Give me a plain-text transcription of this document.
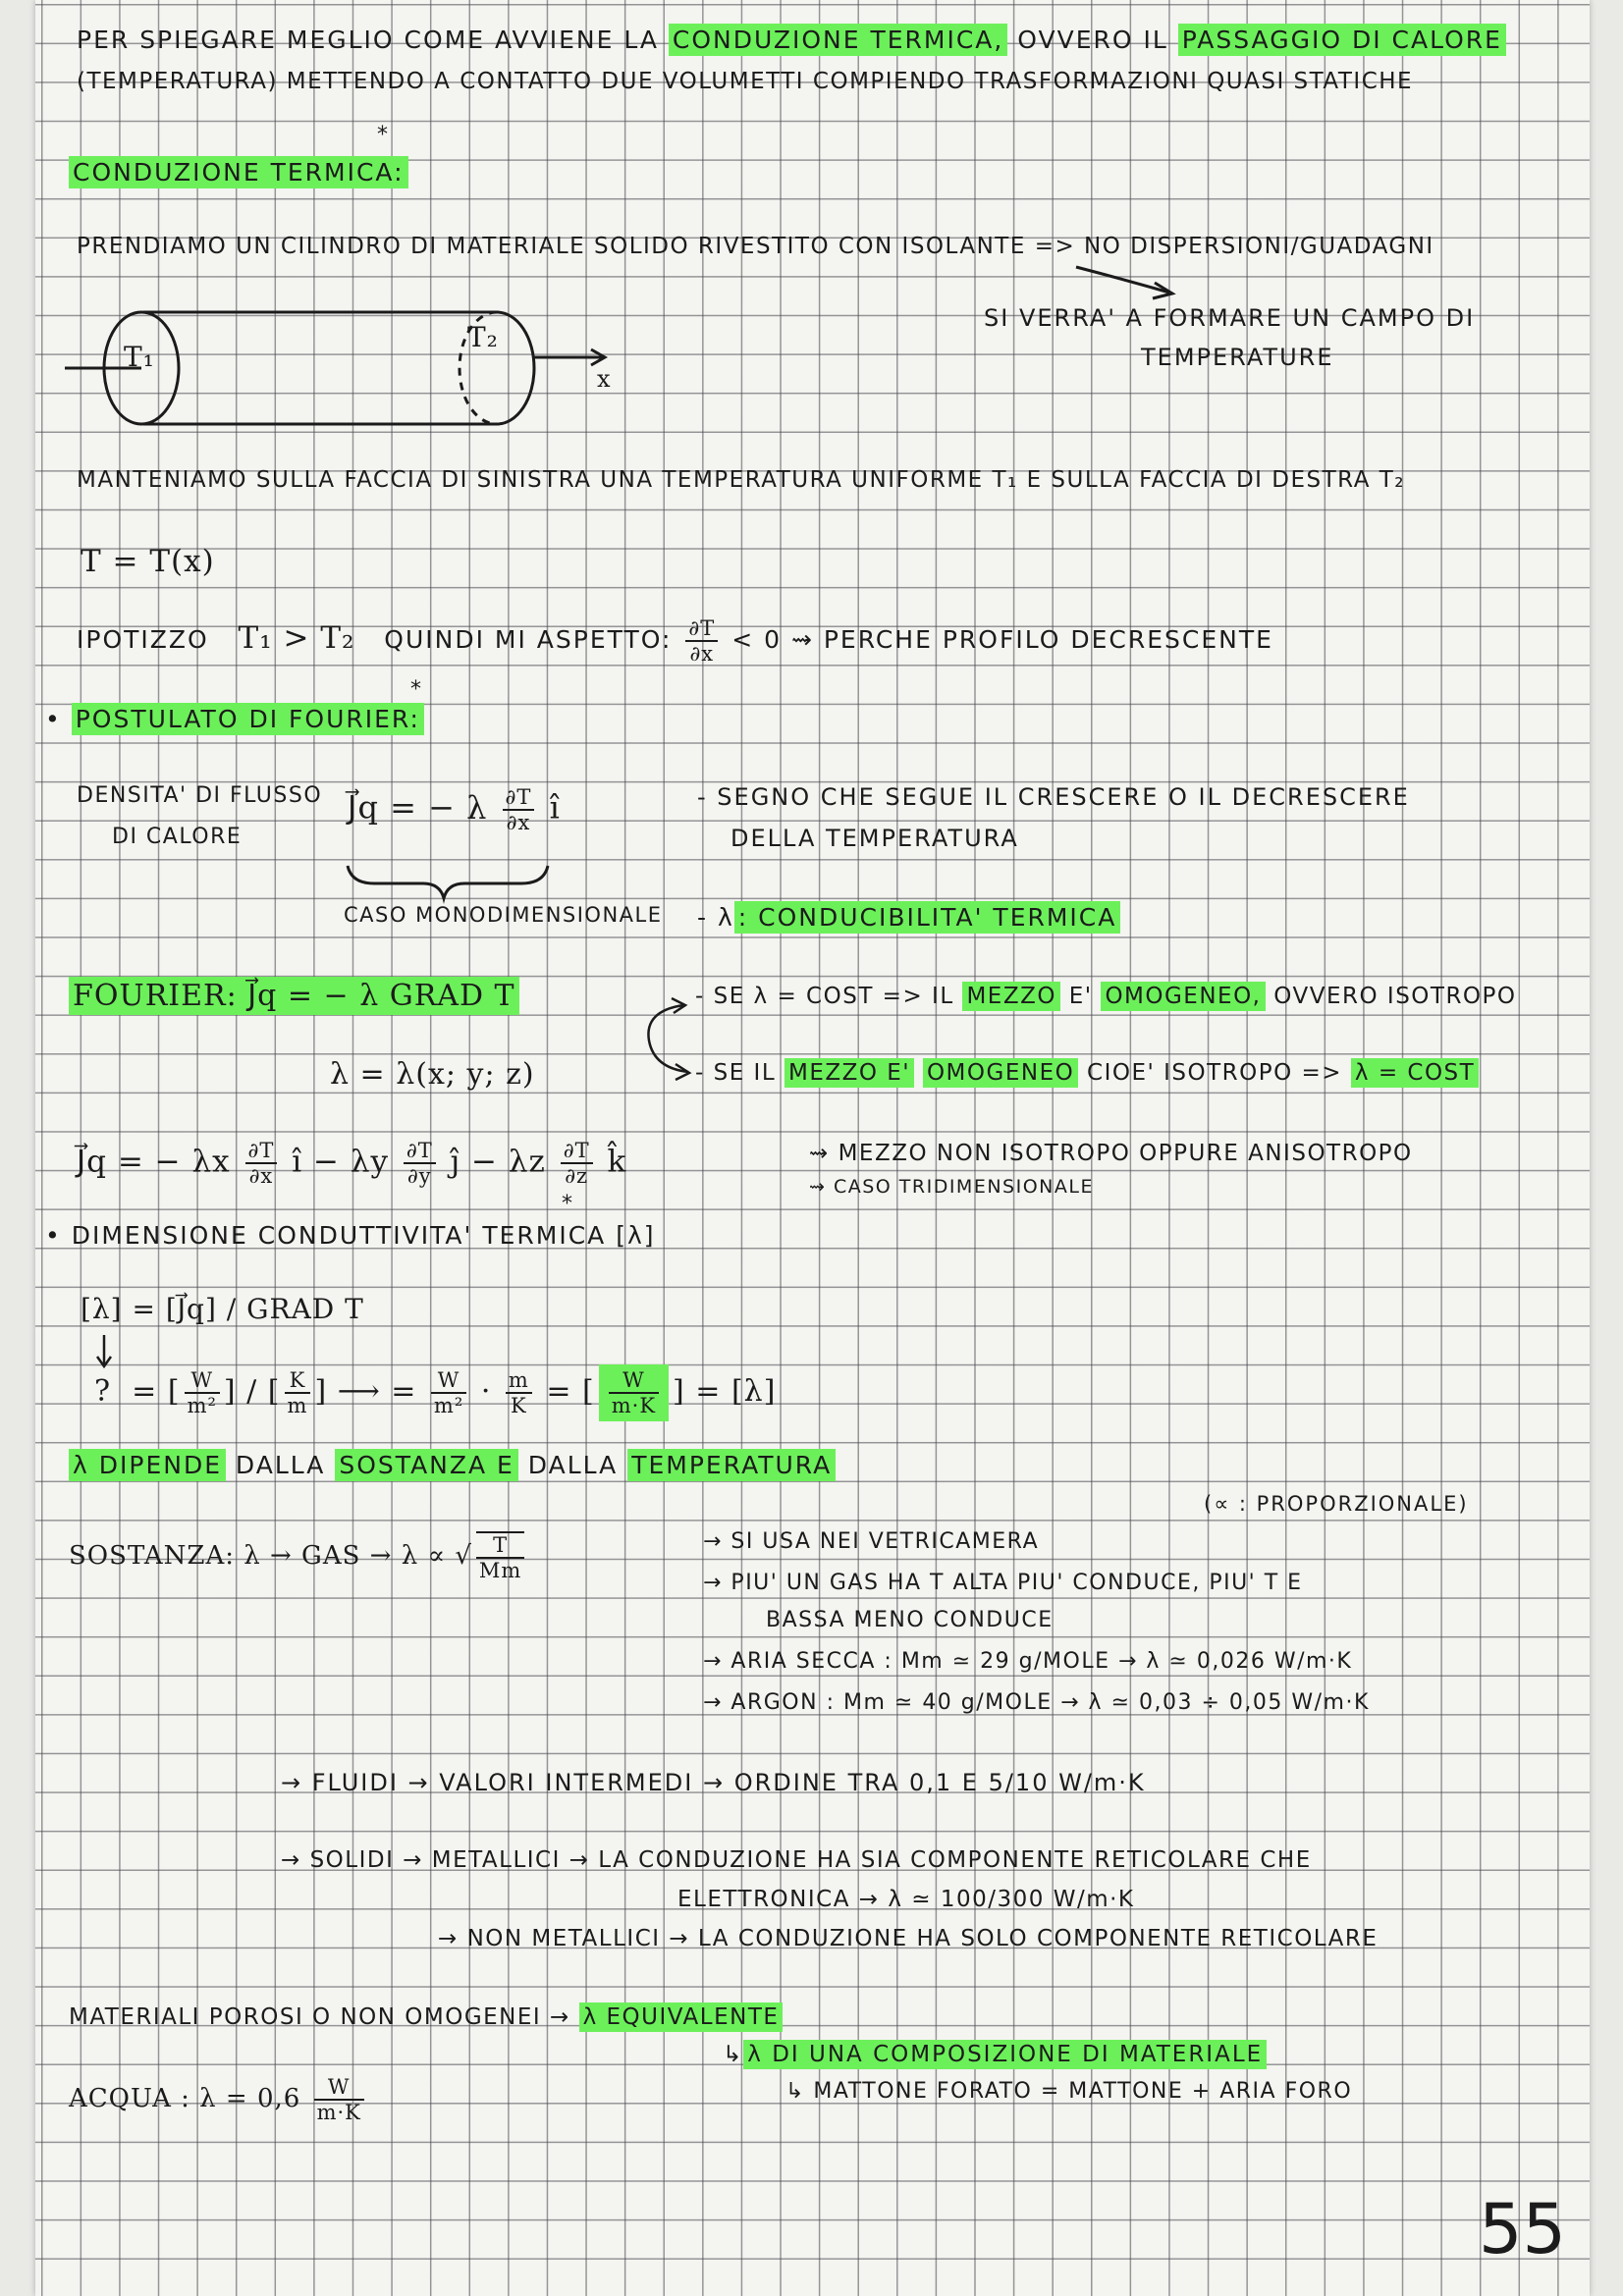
PER SPIEGARE MEGLIO COME AVVIENE LA CONDUZIONE TERMICA, OVVERO IL PASSAGGIO DI CALORE
(TEMPERATURA) METTENDO A CONTATTO DUE VOLUMETTI COMPIENDO TRASFORMAZIONI QUASI STATICHE
CONDUZIONE TERMICA:
*
PRENDIAMO UN CILINDRO DI MATERIALE SOLIDO RIVESTITO CON ISOLANTE => NO DISPERSIONI/GUADAGNI
T₁
T₂
x
SI VERRA' A FORMARE UN CAMPO DI
TEMPERATURE
MANTENIAMO SULLA FACCIA DI SINISTRA UNA TEMPERATURA UNIFORME T₁ E SULLA FACCIA DI DESTRA T₂
T = T(x)
IPOTIZZO T₁ > T₂ QUINDI MI ASPETTO: $\frac{\partial T}{\partial x} < 0$ ⇝ PERCHE PROFILO DECRESCENTE
• POSTULATO DI FOURIER:
*
DENSITA' DI FLUSSO
DI CALORE
J⃗q = − λ $\frac{\partial T}{\partial x}$ î
CASO MONODIMENSIONALE
- SEGNO CHE SEGUE IL CRESCERE O IL DECRESCERE
DELLA TEMPERATURA
- λ : CONDUCIBILITA' TERMICA
FOURIER: J⃗q = − λ GRAD T
λ = λ(x; y; z)
- SE λ = COST => IL MEZZO E' OMOGENEO, OVVERO ISOTROPO
- SE IL MEZZO E' OMOGENEO CIOE' ISOTROPO => λ = COST
J⃗q = − λx $\frac{\partial T}{\partial x}$ î − λy $\frac{\partial T}{\partial y}$ ĵ − λz $\frac{\partial T}{\partial z}$ k̂	⇝ MEZZO NON ISOTROPO OPPURE ANISOTROPO
⇝ CASO TRIDIMENSIONALE
• DIMENSIONE CONDUTTIVITA' TERMICA [λ]
*
[λ] = [J⃗q] / GRAD T
? = [ $\frac{W}{\text{m²}}$ ] / [ $\frac{K}{m}$ ] ⟶ = $\frac{W}{\text{m²}} \cdot \frac{m}{K}$ = [ $\frac{W}{m\cdot K}$ ] = [λ]
λ DIPENDE DALLA SOSTANZA E DALLA TEMPERATURA
(∝ : PROPORZIONALE)
SOSTANZA: λ → GAS → λ ∝ √ $\frac{T}{Mm}$	→ SI USA NEI VETRICAMERA
→ PIU' UN GAS HA T ALTA PIU' CONDUCE, PIU' T E
BASSA MENO CONDUCE
→ ARIA SECCA : Mm ≃ 29 g/MOLE → λ ≃ 0,026 W/m·K
→ ARGON : Mm ≃ 40 g/MOLE → λ ≃ 0,03 ÷ 0,05 W/m·K
→ FLUIDI → VALORI INTERMEDI → ORDINE TRA 0,1 E 5/10 W/m·K
→ SOLIDI → METALLICI → LA CONDUZIONE HA SIA COMPONENTE RETICOLARE CHE
ELETTRONICA → λ ≃ 100/300 W/m·K
→ NON METALLICI → LA CONDUZIONE HA SOLO COMPONENTE RETICOLARE
MATERIALI POROSI O NON OMOGENEI → λ EQUIVALENTE
↳ λ DI UNA COMPOSIZIONE DI MATERIALE
↳ MATTONE FORATO = MATTONE + ARIA FORO
ACQUA : $\lambda = 0,6 \frac{W}{m\cdot K}$
55
